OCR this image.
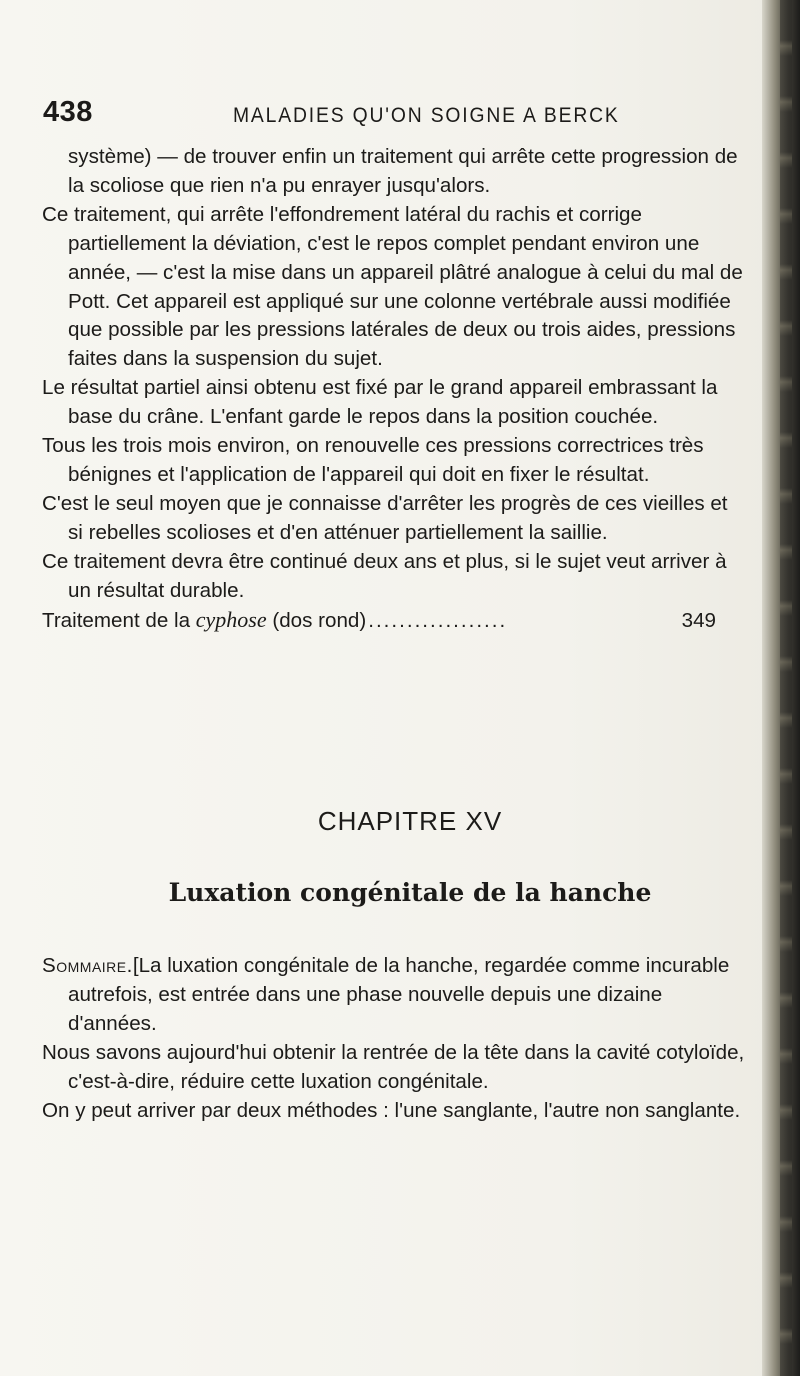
438	MALADIES QU'ON SOIGNE A BERCK

système) — de trouver enfin un traitement qui arrête cette progression de la scoliose que rien n'a pu enrayer jusqu'alors.

Ce traitement, qui arrête l'effondrement latéral du rachis et corrige partiellement la déviation, c'est le repos complet pendant environ une année, — c'est la mise dans un appareil plâtré analogue à celui du mal de Pott. Cet appareil est appliqué sur une colonne vertébrale aussi modifiée que possible par les pressions latérales de deux ou trois aides, pressions faites dans la suspension du sujet.

Le résultat partiel ainsi obtenu est fixé par le grand appareil embrassant la base du crâne. L'enfant garde le repos dans la position couchée.

Tous les trois mois environ, on renouvelle ces pressions correctrices très bénignes et l'application de l'appareil qui doit en fixer le résultat.

C'est le seul moyen que je connaisse d'arrêter les progrès de ces vieilles et si rebelles scolioses et d'en atténuer partiellement la saillie.

Ce traitement devra être continué deux ans et plus, si le sujet veut arriver à un résultat durable.

Traitement de la cyphose (dos rond) ..................	349
CHAPITRE XV
Luxation congénitale de la hanche

Sommaire.[La luxation congénitale de la hanche, regardée comme incurable autrefois, est entrée dans une phase nouvelle depuis une dizaine d'années.

Nous savons aujourd'hui obtenir la rentrée de la tête dans la cavité cotyloïde, c'est-à-dire, réduire cette luxation congénitale.

On y peut arriver par deux méthodes : l'une sanglante, l'autre non sanglante.
